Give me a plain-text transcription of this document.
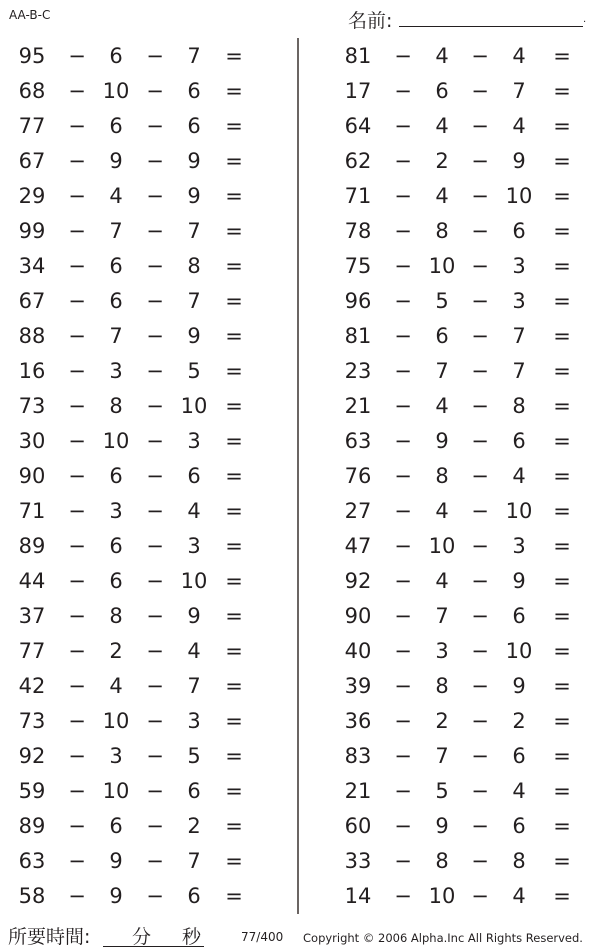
AA-B-C	名前:	.
95	−	6	−	7	=
68	− 10 −	6	=
77	−	6	−	6	=
67	−	9	−	9	=
29	−	4	−	9	=
99	−	7	−	7	=
34	−	6	−	8	=
67	−	6	−	7	=
88	−	7	−	9	=
16	−	3	−	5	=
73	−	8	− 10 =
30	− 10 −	3	=
90	−	6	−	6	=
71	−	3	−	4	=
89	−	6	−	3	=
44	−	6	− 10 =
37	−	8	−	9	=
77	−	2	−	4	=
42	−	4	−	7	=
73	− 10 −	3	=
92	−	3	−	5	=
59	− 10 −	6	=
89	−	6	−	2	=
63	−	9	−	7	=
58	−	9	−	6	=
81	−	4	−	4	=
17	−	6	−	7	=
64	−	4	−	4	=
62	−	2	−	9	=
71	−	4	− 10 =
78	−	8	−	6	=
75	− 10 −	3	=
96	−	5	−	3	=
81	−	6	−	7	=
23	−	7	−	7	=
21	−	4	−	8	=
63	−	9	−	6	=
76	−	8	−	4	=
27	−	4	− 10 =
47	− 10 −	3	=
92	−	4	−	9	=
90	−	7	−	6	=
40	−	3	− 10 =
39	−	8	−	9	=
36	−	2	−	2	=
83	−	7	−	6	=
21	−	5	−	4	=
60	−	9	−	6	=
33	−	8	−	8	=
14	− 10 −	4	=
所要時間: 分 秒	77/400 Copyright © 2006 Alpha.Inc All Rights Reserved.
